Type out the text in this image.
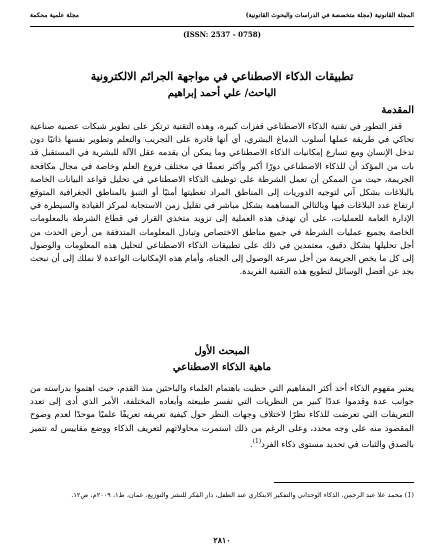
المجلة القانونية (مجلة متخصصة في الدراسات والبحوث القانونية)
مجلة علمية محكمة
(ISSN: 2537 - 0758)
تطبيقات الذكاء الاصطناعي في مواجهة الجرائم الالكترونية
الباحث/ علي أحمد إبراهيم
المقدمة

قفز التطور في تقنية الذكاء الاصطناعي قفزات كبيرة، وهذه التقنية ترتكز على تطوير شبكات عصبية صناعية تحاكي في طريقة عملها أسلوب الدماغ البشري، أي أنها قادرة على التجريب والتعلم وتطوير نفسها ذاتيًا دون تدخل الإنسان ومع تسارع إمكانيات الذكاء الاصطناعي وما يمكن أن يقدمه عقل الآلة للبشرية في المستقبل قد بات من المؤكد أن للذكاء الاصطناعي دورًا أكبر وأكثر تعمقًا في مختلف فروع العلم وخاصة في مجال مكافحة الجريمة، حيث من الممكن أن تعمل الشرطة على توظيف الذكاء الاصطناعي في تحليل قواعد البيانات الخاصة بالبلاغات بشكل آني لتوجيه الدوريات إلى المناطق المراد تغطيتها أمنيًا أو التنبؤ بالمناطق الجغرافية المتوقع ارتفاع عدد البلاغات فيها وبالتالي المساهمة بشكل مباشر في تقليل زمن الاستجابة لمركز القيادة والسيطرة في الإدارة العامة للعمليات، على أن تهدف هذه العملية إلى تزويد متخذي القرار في قطاع الشرطة بالمعلومات الخاصة بجميع عمليات الشرطة في جميع مناطق الاختصاص وتبادل المعلومات المتدفقة من أرض الحدث من أجل تحليلها بشكل دقيق، معتمدين في ذلك على تطبيقات الذكاء الاصطناعي لتحليل هذه المعلومات والوصول إلى كل ما يخص الجريمة من أجل سرعة الوصول إلى الجناة، وأمام هذه الإمكانيات الواعدة لا نملك إلى أن نبحث بجد عن أفضل الوسائل لتطويع هذه التقنية الفريدة.

المبحث الأول
ماهية الذكاء الاصطناعي

يعتبر مفهوم الذكاء أحد أكثر المفاهيم التي حظيت باهتمام العلماء والباحثين منذ القدم، حيث اهتموا بدراسته من جوانب عدة وقدموا عددًا كبير من النظريات التي تفسر طبيعته وأبعاده المختلفة، الأمر الذي أدى إلى تعدد التعريفات التي تعرضت للذكاء نظرًا لاختلاف وجهات النظر حول كيفية تعريفه تعريفًا علميًا موحدًا لعدم وضوح المقصود منه على وجه محدد، وعلى الرغم من ذلك استمرت محاولاتهم لتعريف الذكاء ووضع مقاييس له تتميز بالصدق والثبات في تحديد مستوى ذكاء الفرد$^{(1)}$.

(1) محمد علا عبد الرحمن، الذكاء الوجداني والتفكير الابتكاري عند الطفل، دار الفكر للنشر والتوزيع، عمان، ط١، ٢٠٠٩م، ص١٢.
٢٨١٠
